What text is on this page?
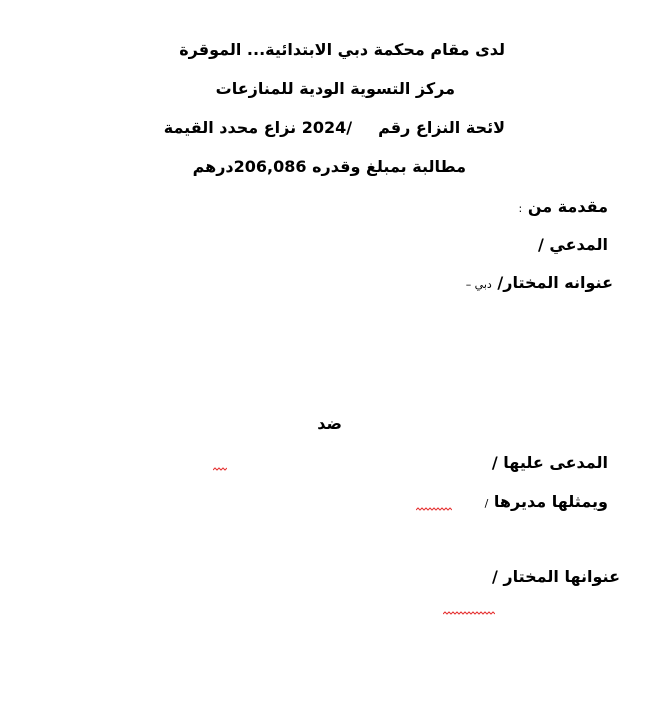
لدى مقام محكمة دبي الابتدائية... الموقرة
مركز التسوية الودية للمنازعات
لائحة النزاع رقم/2024 نزاع محدد القيمة
مطالبة بمبلغ وقدره 206,086درهم
مقدمة من :
المدعي /
عنوانه المختار/ دبي –
ضد
المدعى عليها /
ويمثلها مديرها /
عنوانها المختار /
